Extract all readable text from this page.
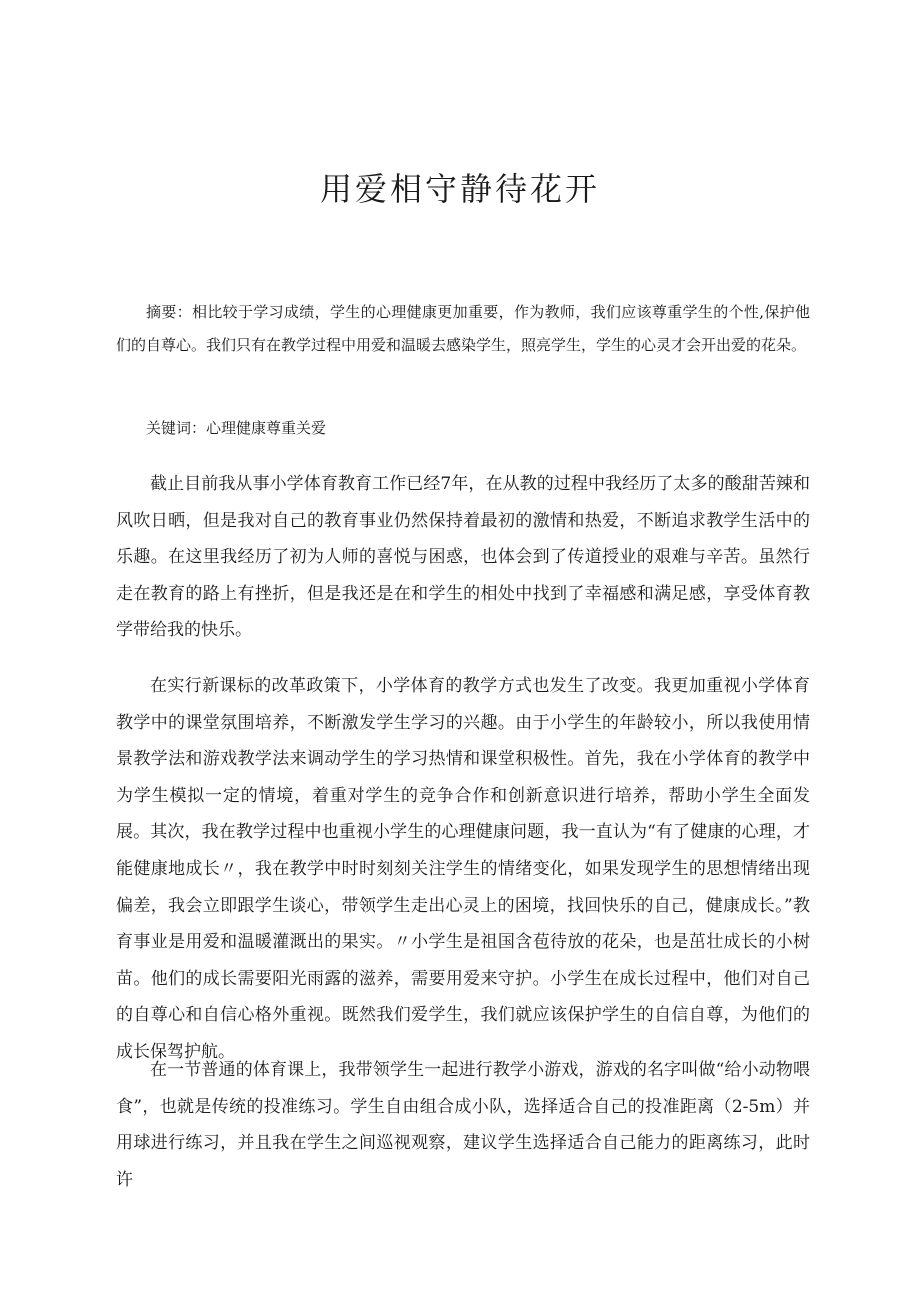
用爱相守静待花开

摘要：相比较于学习成绩，学生的心理健康更加重要，作为教师，我们应该尊重学生的个性,保护他们的自尊心。我们只有在教学过程中用爱和温暖去感染学生，照亮学生，学生的心灵才会开出爱的花朵。

关键词：心理健康尊重关爱

截止目前我从事小学体育教育工作已经7年，在从教的过程中我经历了太多的酸甜苦辣和风吹日晒，但是我对自己的教育事业仍然保持着最初的激情和热爱，不断追求教学生活中的乐趣。在这里我经历了初为人师的喜悦与困惑，也体会到了传道授业的艰难与辛苦。虽然行走在教育的路上有挫折，但是我还是在和学生的相处中找到了幸福感和满足感，享受体育教学带给我的快乐。

在实行新课标的改革政策下，小学体育的教学方式也发生了改变。我更加重视小学体育教学中的课堂氛围培养，不断激发学生学习的兴趣。由于小学生的年龄较小，所以我使用情景教学法和游戏教学法来调动学生的学习热情和课堂积极性。首先，我在小学体育的教学中为学生模拟一定的情境，着重对学生的竞争合作和创新意识进行培养，帮助小学生全面发展。其次，我在教学过程中也重视小学生的心理健康问题，我一直认为“有了健康的心理，才能健康地成长〃，我在教学中时时刻刻关注学生的情绪变化，如果发现学生的思想情绪出现偏差，我会立即跟学生谈心，带领学生走出心灵上的困境，找回快乐的自己，健康成长。”教育事业是用爱和温暖灌溉出的果实。〃小学生是祖国含苞待放的花朵，也是茁壮成长的小树苗。他们的成长需要阳光雨露的滋养，需要用爱来守护。小学生在成长过程中，他们对自己的自尊心和自信心格外重视。既然我们爱学生，我们就应该保护学生的自信自尊，为他们的成长保驾护航。

在一节普通的体育课上，我带领学生一起进行教学小游戏，游戏的名字叫做“给小动物喂食”，也就是传统的投准练习。学生自由组合成小队，选择适合自己的投准距离（2-5m）并用球进行练习，并且我在学生之间巡视观察，建议学生选择适合自己能力的距离练习，此时许
